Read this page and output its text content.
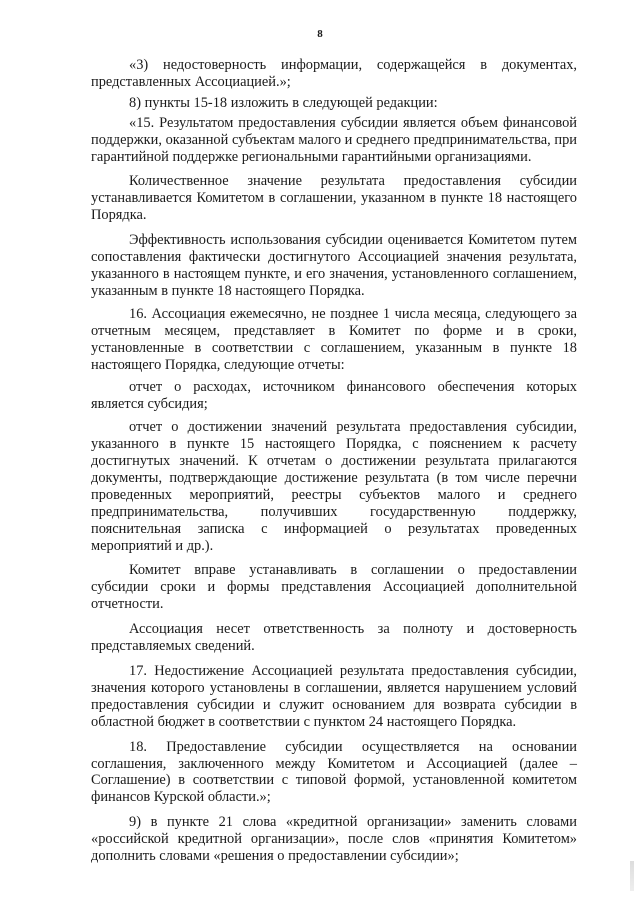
8

«3) недостоверность информации, содержащейся в документах, представленных Ассоциацией.»;

8) пункты 15-18 изложить в следующей редакции:

«15. Результатом предоставления субсидии является объем финансовой поддержки, оказанной субъектам малого и среднего предпринимательства, при гарантийной поддержке региональными гарантийными организациями.

Количественное значение результата предоставления субсидии устанавливается Комитетом в соглашении, указанном в пункте 18 настоящего Порядка.

Эффективность использования субсидии оценивается Комитетом путем сопоставления фактически достигнутого Ассоциацией значения результата, указанного в настоящем пункте, и его значения, установленного соглашением, указанным в пункте 18 настоящего Порядка.

16. Ассоциация ежемесячно, не позднее 1 числа месяца, следующего за отчетным месяцем, представляет в Комитет по форме и в сроки, установленные в соответствии с соглашением, указанным в пункте 18 настоящего Порядка, следующие отчеты:

отчет о расходах, источником финансового обеспечения которых является субсидия;

отчет о достижении значений результата предоставления субсидии, указанного в пункте 15 настоящего Порядка, с пояснением к расчету достигнутых значений. К отчетам о достижении результата прилагаются документы, подтверждающие достижение результата (в том числе перечни проведенных мероприятий, реестры субъектов малого и среднего предпринимательства, получивших государственную поддержку, пояснительная записка с информацией о результатах проведенных мероприятий и др.).

Комитет вправе устанавливать в соглашении о предоставлении субсидии сроки и формы представления Ассоциацией дополнительной отчетности.

Ассоциация несет ответственность за полноту и достоверность представляемых сведений.

17. Недостижение Ассоциацией результата предоставления субсидии, значения которого установлены в соглашении, является нарушением условий предоставления субсидии и служит основанием для возврата субсидии в областной бюджет в соответствии с пунктом 24 настоящего Порядка.

18. Предоставление субсидии осуществляется на основании соглашения, заключенного между Комитетом и Ассоциацией (далее – Соглашение) в соответствии с типовой формой, установленной комитетом финансов Курской области.»;

9) в пункте 21 слова «кредитной организации» заменить словами «российской кредитной организации», после слов «принятия Комитетом» дополнить словами «решения о предоставлении субсидии»;
